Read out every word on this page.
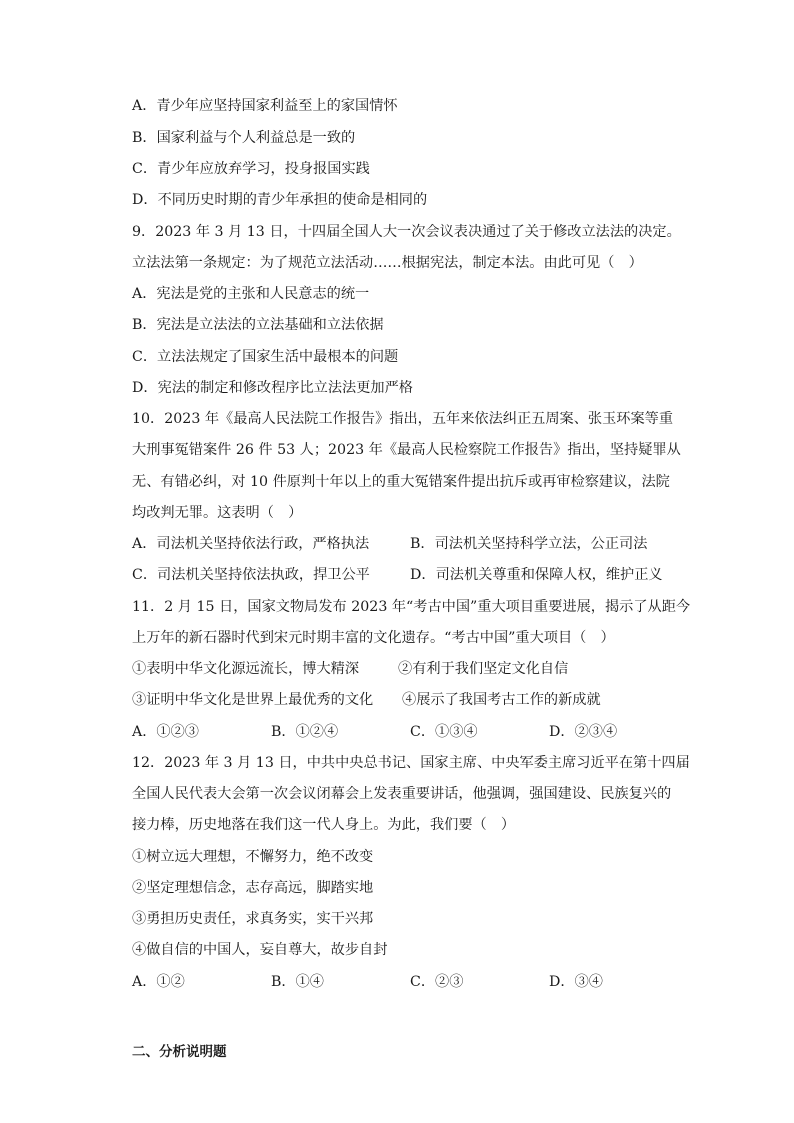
A．青少年应坚持国家利益至上的家国情怀
B．国家利益与个人利益总是一致的
C．青少年应放弃学习，投身报国实践
D．不同历史时期的青少年承担的使命是相同的
9．2023 年 3 月 13 日，十四届全国人大一次会议表决通过了关于修改立法法的决定。
立法法第一条规定：为了规范立法活动……根据宪法，制定本法。由此可见（　）
A．宪法是党的主张和人民意志的统一
B．宪法是立法法的立法基础和立法依据
C．立法法规定了国家生活中最根本的问题
D．宪法的制定和修改程序比立法法更加严格
10．2023 年《最高人民法院工作报告》指出，五年来依法纠正五周案、张玉环案等重
大刑事冤错案件 26 件 53 人；2023 年《最高人民检察院工作报告》指出，坚持疑罪从
无、有错必纠，对 10 件原判十年以上的重大冤错案件提出抗斥或再审检察建议，法院
均改判无罪。这表明（　）
A．司法机关坚持依法行政，严格执法	B．司法机关坚持科学立法，公正司法
C．司法机关坚持依法执政，捍卫公平	D．司法机关尊重和保障人权，维护正义
11．2 月 15 日，国家文物局发布 2023 年“考古中国”重大项目重要进展，揭示了从距今
上万年的新石器时代到宋元时期丰富的文化遗存。“考古中国”重大项目（　）
①表明中华文化源远流长，博大精深	②有利于我们坚定文化自信
③证明中华文化是世界上最优秀的文化 ④展示了我国考古工作的新成就
A．①②③	B．①②④	C．①③④	D．②③④
12．2023 年 3 月 13 日，中共中央总书记、国家主席、中央军委主席习近平在第十四届
全国人民代表大会第一次会议闭幕会上发表重要讲话，他强调，强国建设、民族复兴的
接力棒，历史地落在我们这一代人身上。为此，我们要（　）
①树立远大理想，不懈努力，绝不改变
②坚定理想信念，志存高远，脚踏实地
③勇担历史责任，求真务实，实干兴邦
④做自信的中国人，妄自尊大，故步自封
A．①②	B．①④	C．②③	D．③④
二、分析说明题
